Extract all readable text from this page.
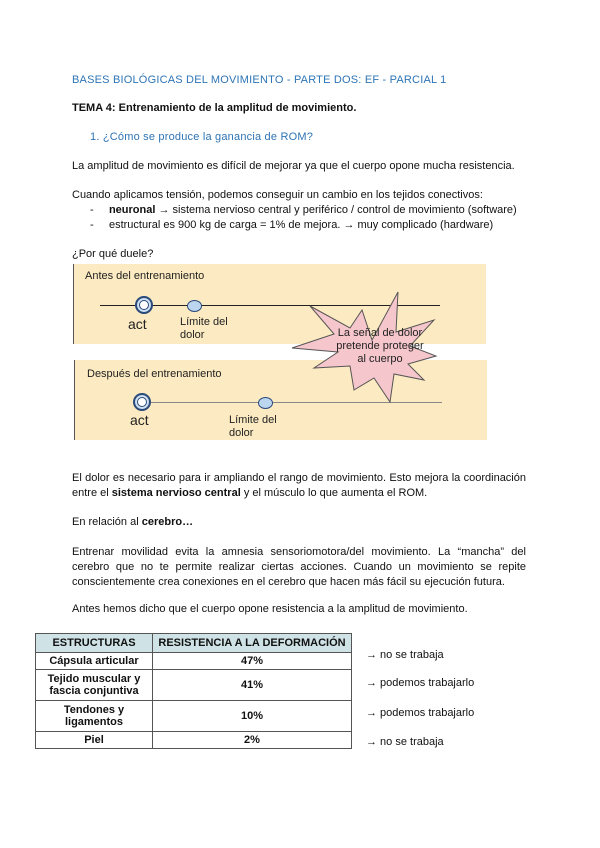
BASES BIOLÓGICAS DEL MOVIMIENTO - PARTE DOS: EF - PARCIAL 1
TEMA 4: Entrenamiento de la amplitud de movimiento.
1. ¿Cómo se produce la ganancia de ROM?
La amplitud de movimiento es difícil de mejorar ya que el cuerpo opone mucha resistencia.
Cuando aplicamos tensión, podemos conseguir un cambio en los tejidos conectivos:
-     neuronal → sistema nervioso central y periférico / control de movimiento (software)
-     estructural es 900 kg de carga = 1% de mejora. → muy complicado (hardware)
¿Por qué duele?
Antes del entrenamiento
Después del entrenamiento
act	Límite del
dolor
act	Límite del
dolor
La señal de dolor
pretende proteger
al cuerpo
El dolor es necesario para ir ampliando el rango de movimiento. Esto mejora la coordinación entre el sistema nervioso central y el músculo lo que aumenta el ROM.
En relación al cerebro…
Entrenar movilidad evita la amnesia sensoriomotora/del movimiento. La “mancha” del cerebro que no te permite realizar ciertas acciones. Cuando un movimiento se repite conscientemente crea conexiones en el cerebro que hacen más fácil su ejecución futura.
Antes hemos dicho que el cuerpo opone resistencia a la amplitud de movimiento.
ESTRUCTURAS	RESISTENCIA A LA DEFORMACIÓN
Cápsula articular	47%
Tejido muscular y fascia conjuntiva	41%
Tendones y ligamentos	10%
Piel	2%
→ no se trabaja
→ podemos trabajarlo
→ podemos trabajarlo
→ no se trabaja
